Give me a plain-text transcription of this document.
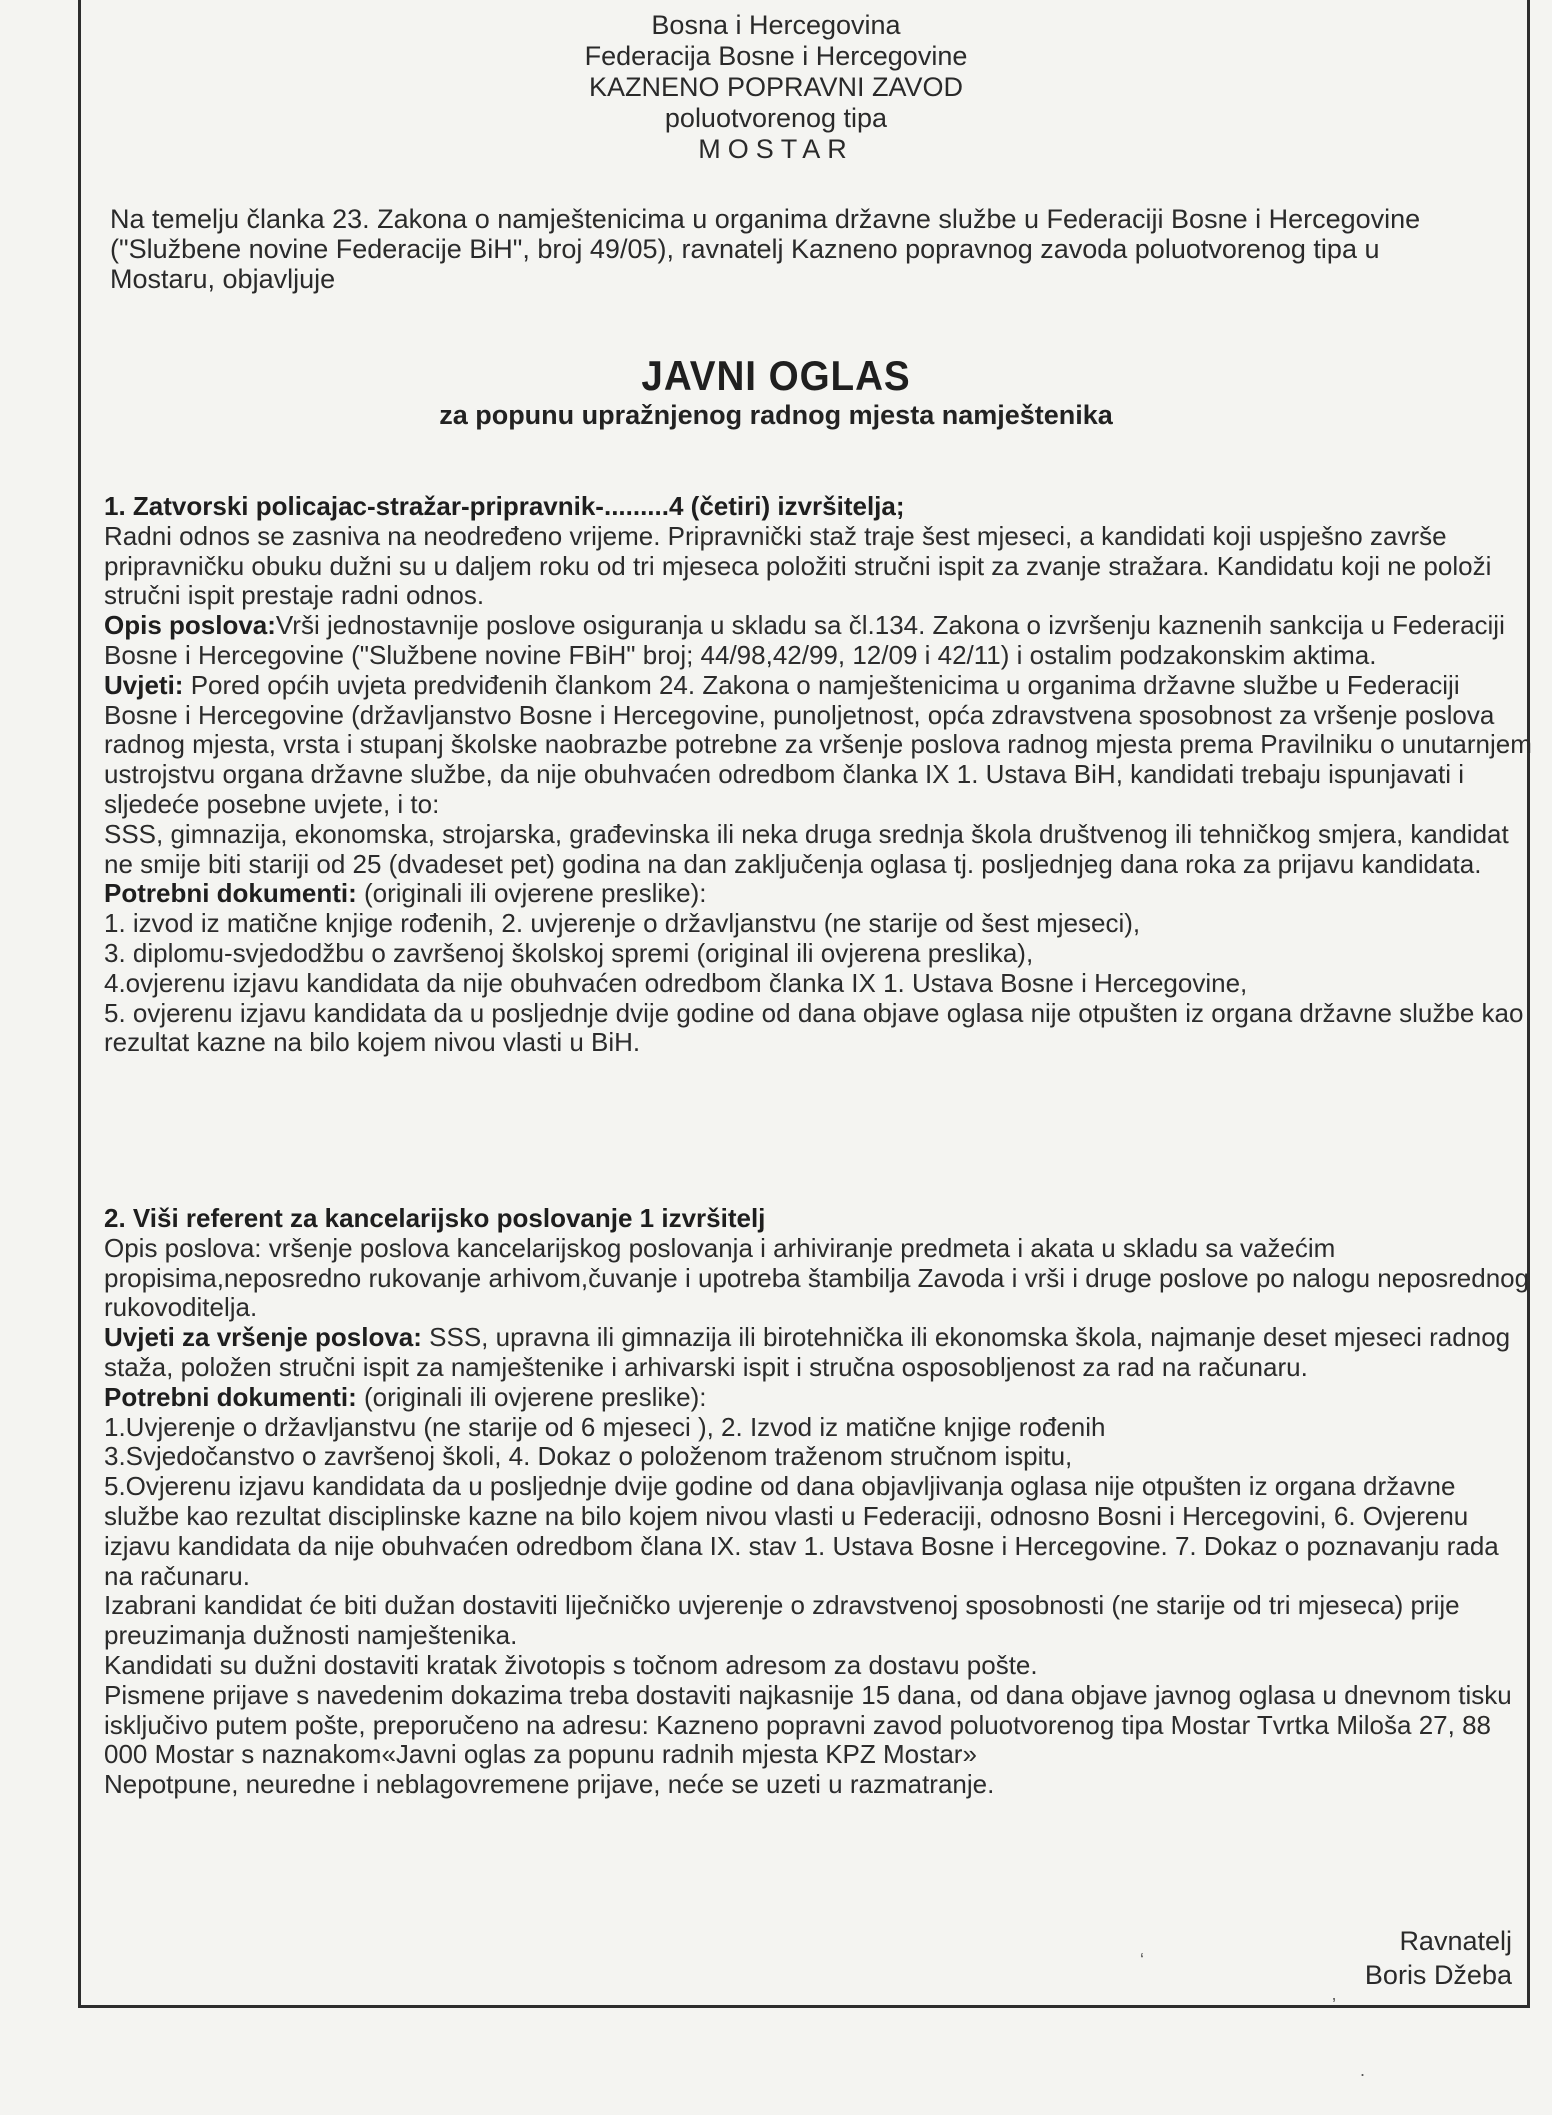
Bosna i Hercegovina
Federacija Bosne i Hercegovine
KAZNENO POPRAVNI ZAVOD
poluotvorenog tipa
MOSTAR
Na temelju članka 23. Zakona o namještenicima u organima državne službe u Federaciji Bosne i Hercegovine ("Službene novine Federacije BiH", broj 49/05), ravnatelj Kazneno popravnog zavoda poluotvorenog tipa u Mostaru, objavljuje
JAVNI OGLAS
za popunu upražnjenog radnog mjesta namještenika

1. Zatvorski policajac-stražar-pripravnik-.........4 (četiri) izvršitelja;

Radni odnos se zasniva na neodređeno vrijeme. Pripravnički staž traje šest mjeseci, a kandidati koji uspješno završe pripravničku obuku dužni su u daljem roku od tri mjeseca položiti stručni ispit za zvanje stražara. Kandidatu koji ne položi stručni ispit prestaje radni odnos.

Opis poslova:Vrši jednostavnije poslove osiguranja u skladu sa čl.134. Zakona o izvršenju kaznenih sankcija u Federaciji Bosne i Hercegovine ("Službene novine FBiH" broj; 44/98,42/99, 12/09 i 42/11) i ostalim podzakonskim aktima.

Uvjeti: Pored općih uvjeta predviđenih člankom 24. Zakona o namještenicima u organima državne službe u Federaciji Bosne i Hercegovine (državljanstvo Bosne i Hercegovine, punoljetnost, opća zdravstvena sposobnost za vršenje poslova radnog mjesta, vrsta i stupanj školske naobrazbe potrebne za vršenje poslova radnog mjesta prema Pravilniku o unutarnjem ustrojstvu organa državne službe, da nije obuhvaćen odredbom članka IX 1. Ustava BiH, kandidati trebaju ispunjavati i sljedeće posebne uvjete, i to:

SSS, gimnazija, ekonomska, strojarska, građevinska ili neka druga srednja škola društvenog ili tehničkog smjera, kandidat ne smije biti stariji od 25 (dvadeset pet) godina na dan zaključenja oglasa tj. posljednjeg dana roka za prijavu kandidata.

Potrebni dokumenti: (originali ili ovjerene preslike):

1. izvod iz matične knjige rođenih, 2. uvjerenje o državljanstvu (ne starije od šest mjeseci),

3. diplomu-svjedodžbu o završenoj školskoj spremi (original ili ovjerena preslika),

4.ovjerenu izjavu kandidata da nije obuhvaćen odredbom članka IX 1. Ustava Bosne i Hercegovine,

5. ovjerenu izjavu kandidata da u posljednje dvije godine od dana objave oglasa nije otpušten iz organa državne službe kao rezultat kazne na bilo kojem nivou vlasti u BiH.

2. Viši referent za kancelarijsko poslovanje 1 izvršitelj

Opis poslova: vršenje poslova kancelarijskog poslovanja i arhiviranje predmeta i akata u skladu sa važećim propisima,neposredno rukovanje arhivom,čuvanje i upotreba štambilja Zavoda i vrši i druge poslove po nalogu neposrednog rukovoditelja.

Uvjeti za vršenje poslova: SSS, upravna ili gimnazija ili birotehnička ili ekonomska škola, najmanje deset mjeseci radnog staža, položen stručni ispit za namještenike i arhivarski ispit i stručna osposobljenost za rad na računaru.

Potrebni dokumenti: (originali ili ovjerene preslike):

1.Uvjerenje o državljanstvu (ne starije od 6 mjeseci ), 2. Izvod iz matične knjige rođenih

3.Svjedočanstvo o završenoj školi, 4. Dokaz o položenom traženom stručnom ispitu,

5.Ovjerenu izjavu kandidata da u posljednje dvije godine od dana objavljivanja oglasa nije otpušten iz organa državne službe kao rezultat disciplinske kazne na bilo kojem nivou vlasti u Federaciji, odnosno Bosni i Hercegovini, 6. Ovjerenu izjavu kandidata da nije obuhvaćen odredbom člana IX. stav 1. Ustava Bosne i Hercegovine. 7. Dokaz o poznavanju rada na računaru.

Izabrani kandidat će biti dužan dostaviti liječničko uvjerenje o zdravstvenoj sposobnosti (ne starije od tri mjeseca) prije preuzimanja dužnosti namještenika.

Kandidati su dužni dostaviti kratak životopis s točnom adresom za dostavu pošte.

Pismene prijave s navedenim dokazima treba dostaviti najkasnije 15 dana, od dana objave javnog oglasa u dnevnom tisku isključivo putem pošte, preporučeno na adresu: Kazneno popravni zavod poluotvorenog tipa Mostar Tvrtka Miloša 27, 88 000 Mostar s naznakom«Javni oglas za popunu radnih mjesta KPZ Mostar»

Nepotpune, neuredne i neblagovremene prijave, neće se uzeti u razmatranje.

Ravnatelj
Boris Džeba
‘
’
.
